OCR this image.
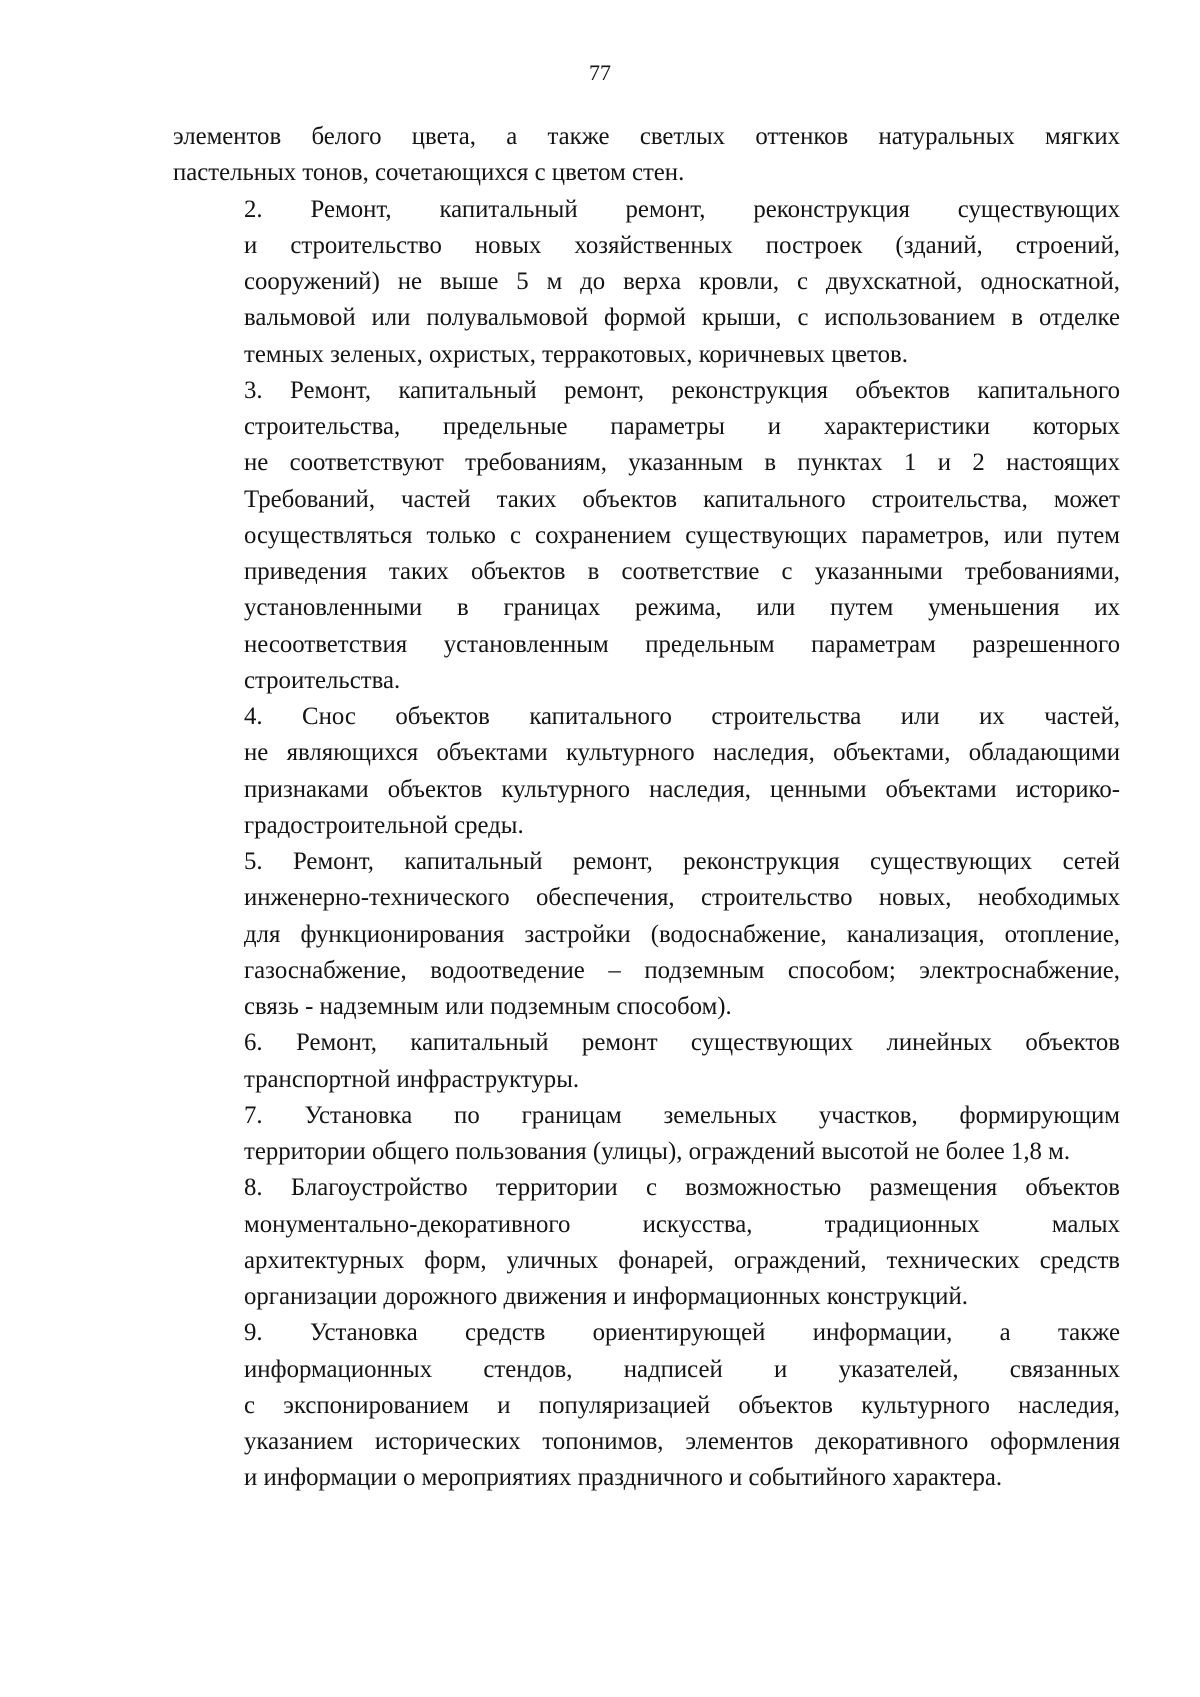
77

элементов белого цвета, а также светлых оттенков натуральных мягких
пастельных тонов, сочетающихся с цветом стен.

2. Ремонт, капитальный ремонт, реконструкция существующих
и строительство новых хозяйственных построек (зданий, строений,
сооружений) не выше 5 м до верха кровли, с двухскатной, односкатной,
вальмовой или полувальмовой формой крыши, с использованием в отделке
темных зеленых, охристых, терракотовых, коричневых цветов.

3. Ремонт, капитальный ремонт, реконструкция объектов капитального
строительства, предельные параметры и характеристики которых
не соответствуют требованиям, указанным в пунктах 1 и 2 настоящих
Требований, частей таких объектов капитального строительства, может
осуществляться только с сохранением существующих параметров, или путем
приведения таких объектов в соответствие с указанными требованиями,
установленными в границах режима, или путем уменьшения их
несоответствия установленным предельным параметрам разрешенного
строительства.

4. Снос объектов капитального строительства или их частей,
не являющихся объектами культурного наследия, объектами, обладающими
признаками объектов культурного наследия, ценными объектами историко-
градостроительной среды.

5. Ремонт, капитальный ремонт, реконструкция существующих сетей
инженерно-технического обеспечения, строительство новых, необходимых
для функционирования застройки (водоснабжение, канализация, отопление,
газоснабжение, водоотведение – подземным способом; электроснабжение,
связь - надземным или подземным способом).

6. Ремонт, капитальный ремонт существующих линейных объектов
транспортной инфраструктуры.

7. Установка по границам земельных участков, формирующим
территории общего пользования (улицы), ограждений высотой не более 1,8 м.

8. Благоустройство территории с возможностью размещения объектов
монументально-декоративного искусства, традиционных малых
архитектурных форм, уличных фонарей, ограждений, технических средств
организации дорожного движения и информационных конструкций.

9. Установка средств ориентирующей информации, а также
информационных стендов, надписей и указателей, связанных
с экспонированием и популяризацией объектов культурного наследия,
указанием исторических топонимов, элементов декоративного оформления
и информации о мероприятиях праздничного и событийного характера.
